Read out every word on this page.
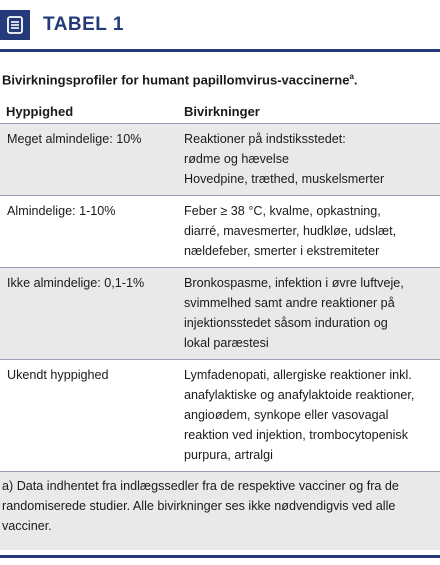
TABEL 1
Bivirkningsprofiler for humant papillomvirus-vaccinerne$^a$.
Hyppighed	Bivirkninger
Meget almindelige: 10%	Reaktioner på indstiksstedet:
rødme og hævelse
Hovedpine, træthed, muskelsmerter

Almindelige: 1-10%	Feber ≥ 38 °C, kvalme, opkastning,
diarré, mavesmerter, hudkløe, udslæt,
nældefeber, smerter i ekstremiteter

Ikke almindelige: 0,1-1%	Bronkospasme, infektion i øvre luftveje,
svimmelhed samt andre reaktioner på
injektionsstedet såsom induration og
lokal paræstesi

Ukendt hyppighed	Lymfadenopati, allergiske reaktioner inkl.
anafylaktiske og anafylaktoide reaktioner,
angioødem, synkope eller vasovagal
reaktion ved injektion, trombocytopenisk
purpura, artralgi
a) Data indhentet fra indlægssedler fra de respektive vacciner og fra de
randomiserede studier. Alle bivirkninger ses ikke nødvendigvis ved alle
vacciner.
